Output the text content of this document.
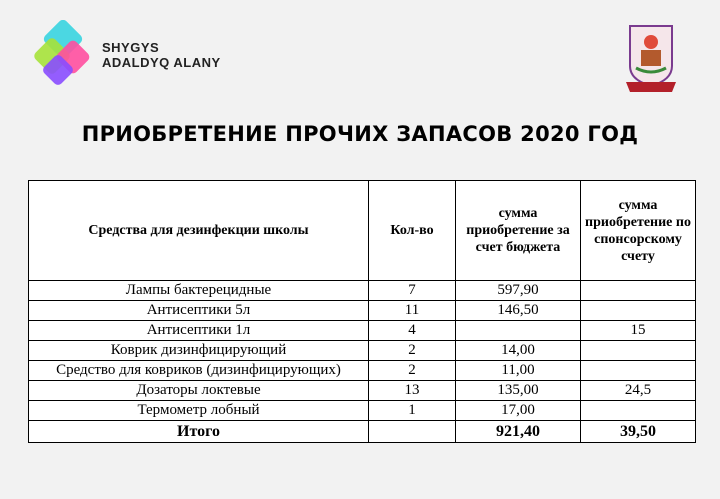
SHYGYS
ADALDYQ ALANY
ПРИОБРЕТЕНИЕ ПРОЧИХ ЗАПАСОВ 2020 ГОД
Средства для дезинфекции школы	Кол-во	сумма приобретение за счет бюджета	сумма приобретение по спонсорскому счету
Лампы бактерецидные	7	597,90	
Антисептики 5л	11	146,50	
Антисептики 1л	4		15
Коврик дизинфицирующий	2	14,00	
Средство для ковриков (дизинфицирующих)	2	11,00	
Дозаторы локтевые	13	135,00	24,5
Термометр лобный	1	17,00	
Итого		921,40	39,50
